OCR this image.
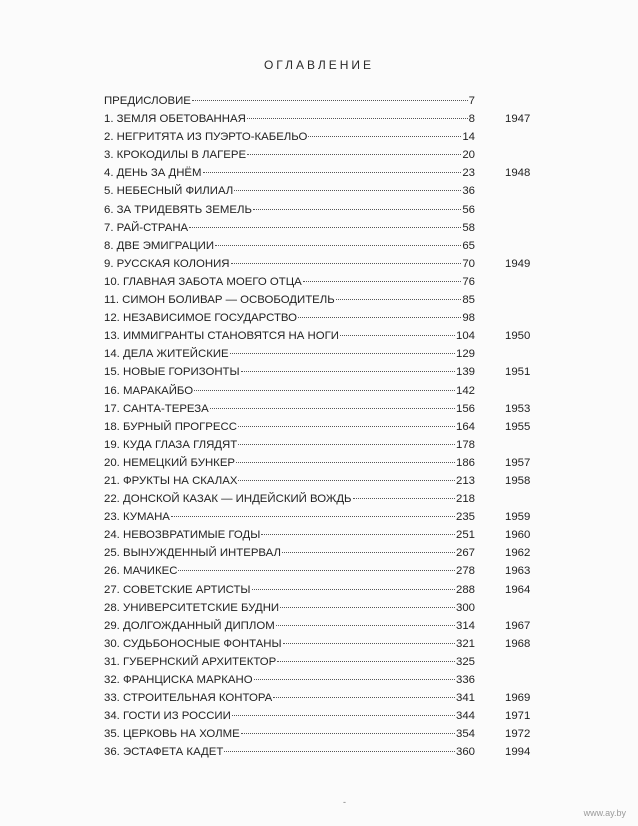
ОГЛАВЛЕНИЕ
ПРЕДИСЛОВИЕ	7
1. ЗЕМЛЯ ОБЕТОВАННАЯ	8	1947
2. НЕГРИТЯТА ИЗ ПУЭРТО-КАБЕЛЬО	14
3. КРОКОДИЛЫ В ЛАГЕРЕ	20
4. ДЕНЬ ЗА ДНЁМ	23	1948
5. НЕБЕСНЫЙ ФИЛИАЛ	36
6. ЗА ТРИДЕВЯТЬ ЗЕМЕЛЬ	56
7. РАЙ-СТРАНА	58
8. ДВЕ ЭМИГРАЦИИ	65
9. РУССКАЯ КОЛОНИЯ	70	1949
10. ГЛАВНАЯ ЗАБОТА МОЕГО ОТЦА	76
11. СИМОН БОЛИВАР — ОСВОБОДИТЕЛЬ	85
12. НЕЗАВИСИМОЕ ГОСУДАРСТВО	98
13. ИММИГРАНТЫ СТАНОВЯТСЯ НА НОГИ	104	1950
14. ДЕЛА ЖИТЕЙСКИЕ	129
15. НОВЫЕ ГОРИЗОНТЫ	139	1951
16. МАРАКАЙБО	142
17. САНТА-ТЕРЕЗА	156	1953
18. БУРНЫЙ ПРОГРЕСС	164	1955
19. КУДА ГЛАЗА ГЛЯДЯТ	178
20. НЕМЕЦКИЙ БУНКЕР	186	1957
21. ФРУКТЫ НА СКАЛАХ	213	1958
22. ДОНСКОЙ КАЗАК — ИНДЕЙСКИЙ ВОЖДЬ	218
23. КУМАНА	235	1959
24. НЕВОЗВРАТИМЫЕ ГОДЫ	251	1960
25. ВЫНУЖДЕННЫЙ ИНТЕРВАЛ	267	1962
26. МАЧИКЕС	278	1963
27. СОВЕТСКИЕ АРТИСТЫ	288	1964
28. УНИВЕРСИТЕТСКИЕ БУДНИ	300
29. ДОЛГОЖДАННЫЙ ДИПЛОМ	314	1967
30. СУДЬБОНОСНЫЕ ФОНТАНЫ	321	1968
31. ГУБЕРНСКИЙ АРХИТЕКТОР	325
32. ФРАНЦИСКА МАРКАНО	336
33. СТРОИТЕЛЬНАЯ КОНТОРА	341	1969
34. ГОСТИ ИЗ РОССИИ	344	1971
35. ЦЕРКОВЬ НА ХОЛМЕ	354	1972
36. ЭСТАФЕТА КАДЕТ	360	1994
-
www.ay.by
